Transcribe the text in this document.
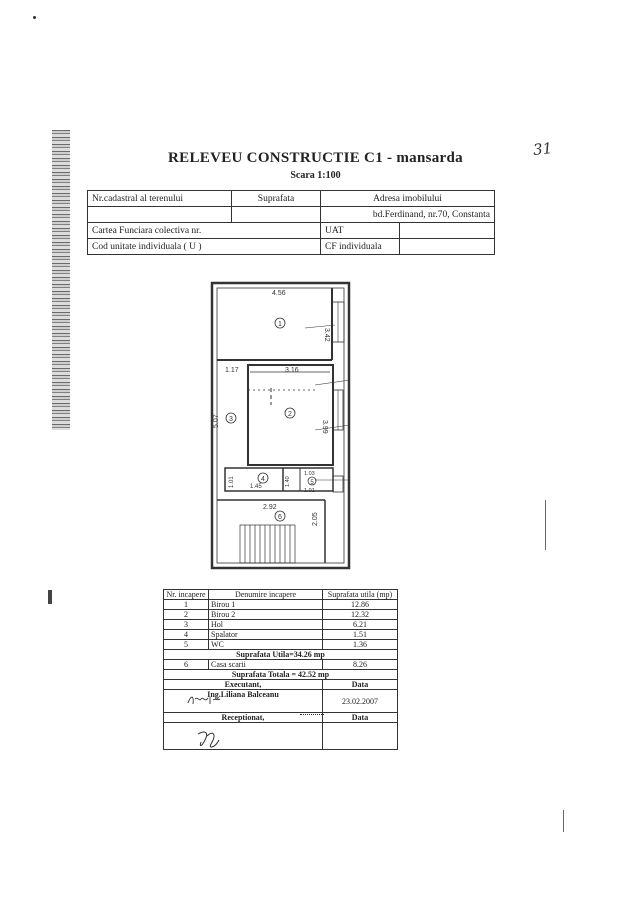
31
RELEVEU CONSTRUCTIE C1 - mansarda
Scara 1:100
Nr.cadastral al terenului	Suprafata	Adresa imobilului	
		bd.Ferdinand, nr.70, Constanta	
Cartea Funciara colectiva nr.		UAT	
Cod unitate individuala ( U )		CF individuala	
4.56
3.42
1.17	3.16
3.99
5.07
1.01	1.45
1.03
1.40
1.01
2.92
2.05
1
2
3
4	5
6
Nr. incapere	Denumire incapere	Suprafata utila (mp)
1	Birou 1	12.86
2	Birou 2	12.32
3	Hol	6.21
4	Spalator	1.51
5	WC	1.36
Suprafata Utila=34.26 mp		
6	Casa scarii	8.26
Suprafata Totala = 42.52 mp		
Executant,		Data
Ing.Liliana Balceanu		23.02.2007
Receptionat,		Data
